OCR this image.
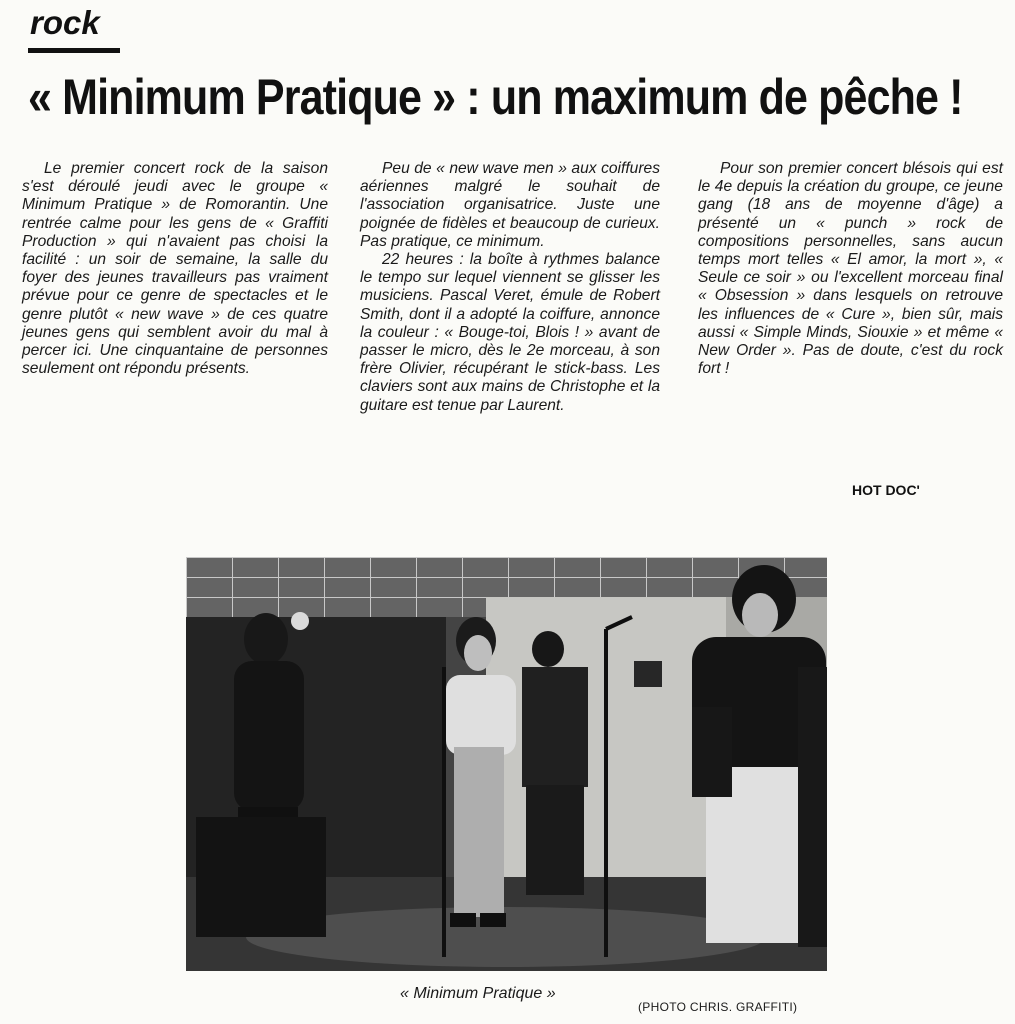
rock
« Minimum Pratique » : un maximum de pêche !

Le premier concert rock de la saison s'est déroulé jeudi avec le groupe « Minimum Pratique » de Romorantin. Une rentrée calme pour les gens de « Graffiti Production » qui n'avaient pas choisi la facilité : un soir de semaine, la salle du foyer des jeunes travailleurs pas vraiment prévue pour ce genre de spectacles et le genre plutôt « new wave » de ces quatre jeunes gens qui semblent avoir du mal à percer ici. Une cinquantaine de personnes seulement ont répondu présents.

Peu de « new wave men » aux coiffures aériennes malgré le souhait de l'association organisatrice. Juste une poignée de fidèles et beaucoup de curieux. Pas pratique, ce minimum.

22 heures : la boîte à rythmes balance le tempo sur lequel viennent se glisser les musiciens. Pascal Veret, émule de Robert Smith, dont il a adopté la coiffure, annonce la couleur : « Bouge-toi, Blois ! » avant de passer le micro, dès le 2e morceau, à son frère Olivier, récupérant le stick-bass. Les claviers sont aux mains de Christophe et la guitare est tenue par Laurent.

Pour son premier concert blésois qui est le 4e depuis la création du groupe, ce jeune gang (18 ans de moyenne d'âge) a présenté un « punch » rock de compositions personnelles, sans aucun temps mort telles « El amor, la mort », « Seule ce soir » ou l'excellent morceau final « Obsession » dans lesquels on retrouve les influences de « Cure », bien sûr, mais aussi « Simple Minds, Siouxie » et même « New Order ». Pas de doute, c'est du rock fort !

HOT DOC'
« Minimum Pratique »
(PHOTO CHRIS. GRAFFITI)
